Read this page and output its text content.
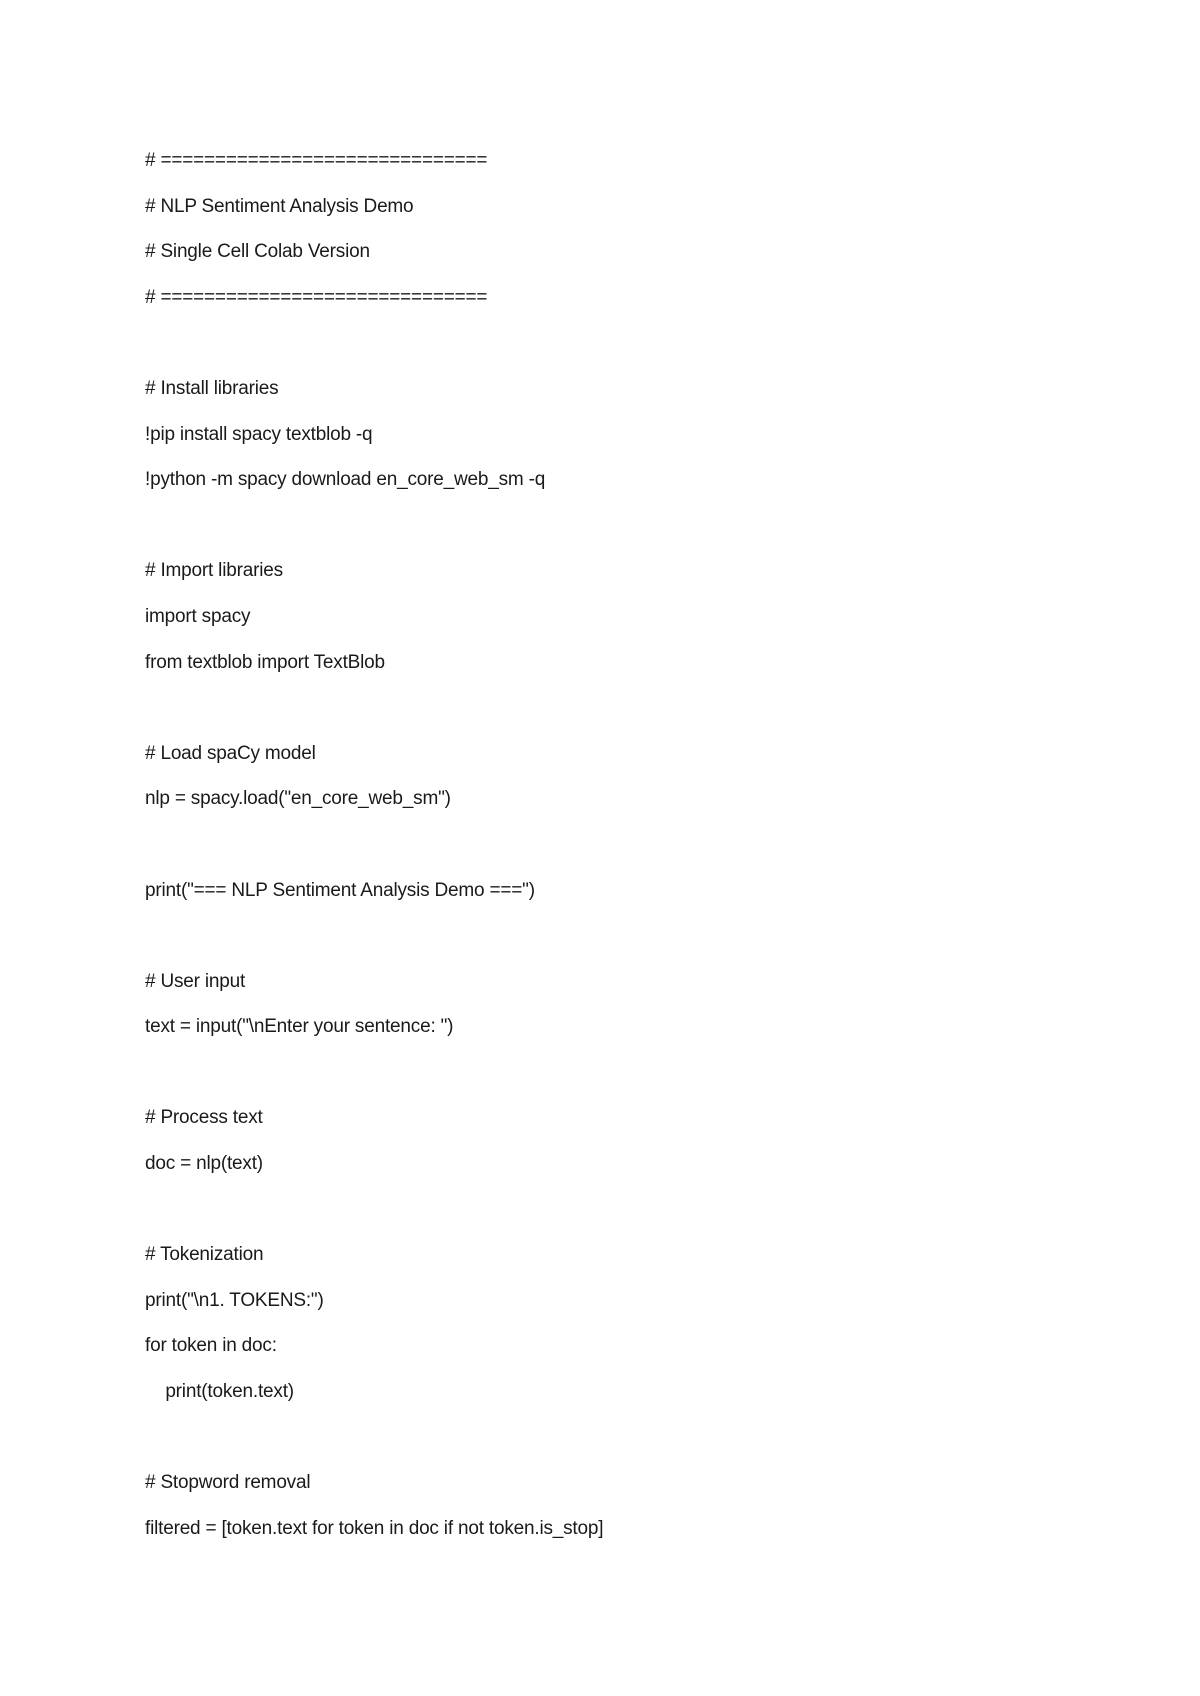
# ==============================
# NLP Sentiment Analysis Demo
# Single Cell Colab Version
# ==============================
# Install libraries
!pip install spacy textblob -q
!python -m spacy download en_core_web_sm -q
# Import libraries
import spacy
from textblob import TextBlob
# Load spaCy model
nlp = spacy.load("en_core_web_sm")
print("=== NLP Sentiment Analysis Demo ===")
# User input
text = input("\nEnter your sentence: ")
# Process text
doc = nlp(text)
# Tokenization
print("\n1. TOKENS:")
for token in doc:
print(token.text)
# Stopword removal
filtered = [token.text for token in doc if not token.is_stop]
